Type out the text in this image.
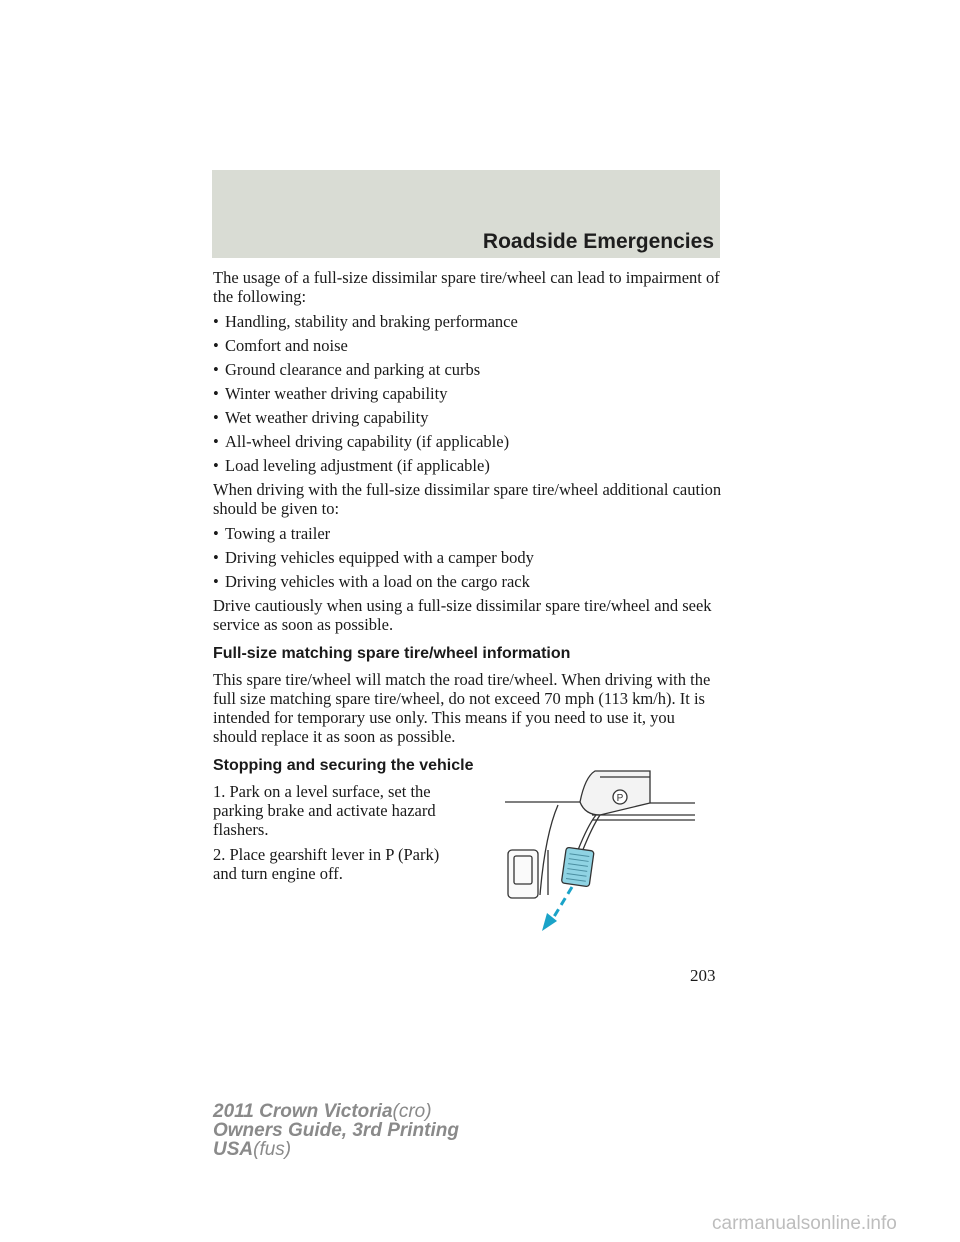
Roadside Emergencies

The usage of a full-size dissimilar spare tire/wheel can lead to impairment of the following:

• Handling, stability and braking performance
• Comfort and noise
• Ground clearance and parking at curbs
• Winter weather driving capability
• Wet weather driving capability
• All-wheel driving capability (if applicable)
• Load leveling adjustment (if applicable)

When driving with the full-size dissimilar spare tire/wheel additional caution should be given to:

• Towing a trailer
• Driving vehicles equipped with a camper body
• Driving vehicles with a load on the cargo rack

Drive cautiously when using a full-size dissimilar spare tire/wheel and seek service as soon as possible.

Full-size matching spare tire/wheel information

This spare tire/wheel will match the road tire/wheel. When driving with the full size matching spare tire/wheel, do not exceed 70 mph (113 km/h). It is intended for temporary use only. This means if you need to use it, you should replace it as soon as possible.

Stopping and securing the vehicle

1. Park on a level surface, set the parking brake and activate hazard flashers.

2. Place gearshift lever in P (Park) and turn engine off.

P
203
2011 Crown Victoria(cro)
Owners Guide, 3rd Printing
USA(fus)
carmanualsonline.info
